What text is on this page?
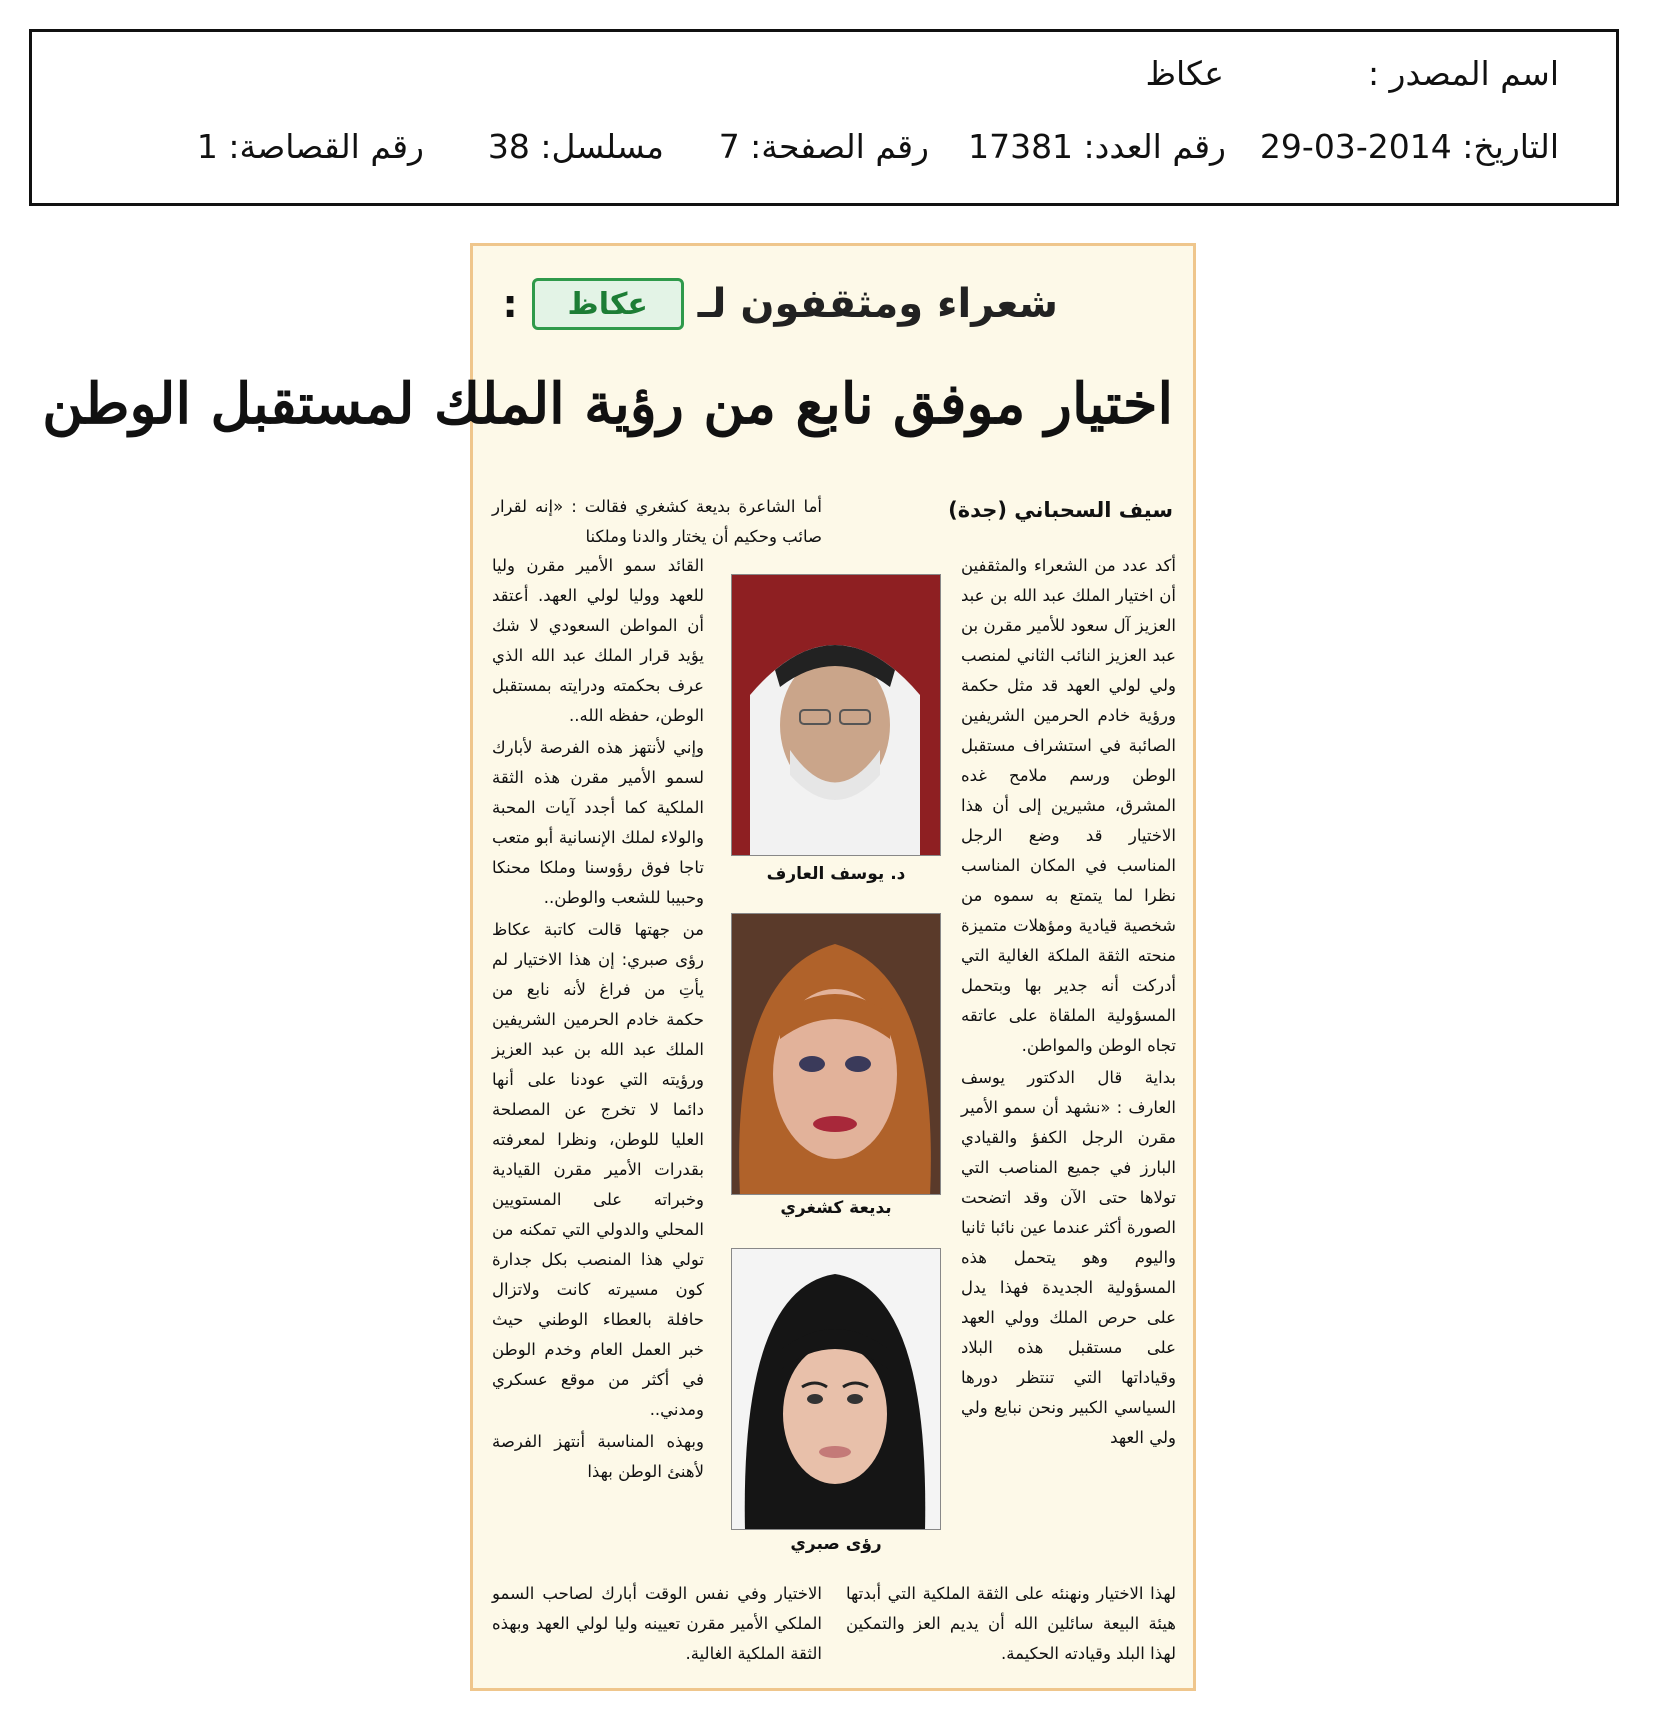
اسم المصدر :
عكاظ
التاريخ: 2014-03-29
رقم العدد: 17381
رقم الصفحة: 7
مسلسل: 38
رقم القصاصة: 1
شعراء ومثقفون لـ
عكاظ
:
اختيار موفق نابع من رؤية الملك لمستقبل الوطن
سيف السحباني (جدة)
أما الشاعرة بديعة كشغري فقالت : «إنه لقرار صائب وحكيم أن يختار والدنا وملكنا

أكد عدد من الشعراء والمثقفين أن اختيار الملك عبد الله بن عبد العزيز آل سعود للأمير مقرن بن عبد العزيز النائب الثاني لمنصب ولي لولي العهد قد مثل حكمة ورؤية خادم الحرمين الشريفين الصائبة في استشراف مستقبل الوطن ورسم ملامح غده المشرق، مشيرين إلى أن هذا الاختيار قد وضع الرجل المناسب في المكان المناسب نظرا لما يتمتع به سموه من شخصية قيادية ومؤهلات متميزة منحته الثقة الملكة الغالية التي أدركت أنه جدير بها وبتحمل المسؤولية الملقاة على عاتقه تجاه الوطن والمواطن.

بداية قال الدكتور يوسف العارف : «نشهد أن سمو الأمير مقرن الرجل الكفؤ والقيادي البارز في جميع المناصب التي تولاها حتى الآن وقد اتضحت الصورة أكثر عندما عين نائبا ثانيا واليوم وهو يتحمل هذه المسؤولية الجديدة فهذا يدل على حرص الملك وولي العهد على مستقبل هذه البلاد وقياداتها التي تنتظر دورها السياسي الكبير ونحن نبايع ولي ولي العهد

القائد سمو الأمير مقرن وليا للعهد ووليا لولي العهد. أعتقد أن المواطن السعودي لا شك يؤيد قرار الملك عبد الله الذي عرف بحكمته ودرايته بمستقبل الوطن، حفظه الله..

وإني لأنتهز هذه الفرصة لأبارك لسمو الأمير مقرن هذه الثقة الملكية كما أجدد آيات المحبة والولاء لملك الإنسانية أبو متعب تاجا فوق رؤوسنا وملكا محنكا وحبيبا للشعب والوطن..

من جهتها قالت كاتبة عكاظ رؤى صبري: إن هذا الاختيار لم يأتِ من فراغ لأنه نابع من حكمة خادم الحرمين الشريفين الملك عبد الله بن عبد العزيز ورؤيته التي عودنا على أنها دائما لا تخرج عن المصلحة العليا للوطن، ونظرا لمعرفته بقدرات الأمير مقرن القيادية وخبراته على المستويين المحلي والدولي التي تمكنه من تولي هذا المنصب بكل جدارة كون مسيرته كانت ولاتزال حافلة بالعطاء الوطني حيث خبر العمل العام وخدم الوطن في أكثر من موقع عسكري ومدني..

وبهذه المناسبة أنتهز الفرصة لأهنئ الوطن بهذا

د. يوسف العارف
بديعة كشغري
رؤى صبري
لهذا الاختيار ونهنئه على الثقة الملكية التي أبدتها هيئة البيعة سائلين الله أن يديم العز والتمكين لهذا البلد وقيادته الحكيمة.
الاختيار وفي نفس الوقت أبارك لصاحب السمو الملكي الأمير مقرن تعيينه وليا لولي العهد وبهذه الثقة الملكية الغالية.
